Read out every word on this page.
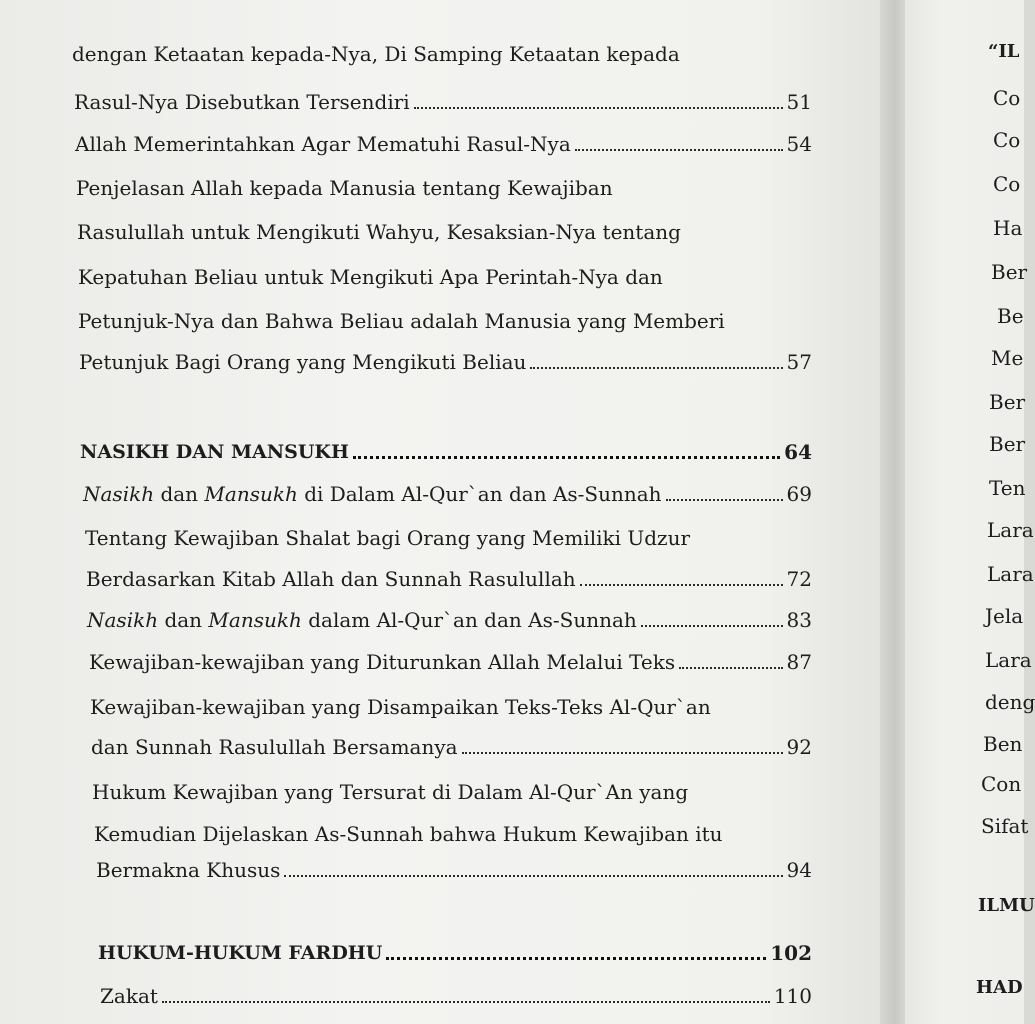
dengan Ketaatan kepada-Nya, Di Samping Ketaatan kepada
Rasul-Nya Disebutkan Tersendiri	51
Allah Memerintahkan Agar Mematuhi Rasul-Nya	54
Penjelasan Allah kepada Manusia tentang Kewajiban
Rasulullah untuk Mengikuti Wahyu, Kesaksian-Nya tentang
Kepatuhan Beliau untuk Mengikuti Apa Perintah-Nya dan
Petunjuk-Nya dan Bahwa Beliau adalah Manusia yang Memberi
Petunjuk Bagi Orang yang Mengikuti Beliau	57
NASIKH DAN MANSUKH	64
Nasikh dan Mansukh di Dalam Al-Qur`an dan As-Sunnah	69
Tentang Kewajiban Shalat bagi Orang yang Memiliki Udzur
Berdasarkan Kitab Allah dan Sunnah Rasulullah	72
Nasikh dan Mansukh dalam Al-Qur`an dan As-Sunnah	83
Kewajiban-kewajiban yang Diturunkan Allah Melalui Teks	87
Kewajiban-kewajiban yang Disampaikan Teks-Teks Al-Qur`an
dan Sunnah Rasulullah Bersamanya	92
Hukum Kewajiban yang Tersurat di Dalam Al-Qur`An yang
Kemudian Dijelaskan As-Sunnah bahwa Hukum Kewajiban itu
Bermakna Khusus	94
HUKUM-HUKUM FARDHU	102
Zakat	110
“IL
Co
Co
Co
Ha
Ber
Be
Me
Ber
Ber
Ten
Lara
Lara
Jela
Lara
deng
Ben
Con
Sifat
ILMU
HAD
